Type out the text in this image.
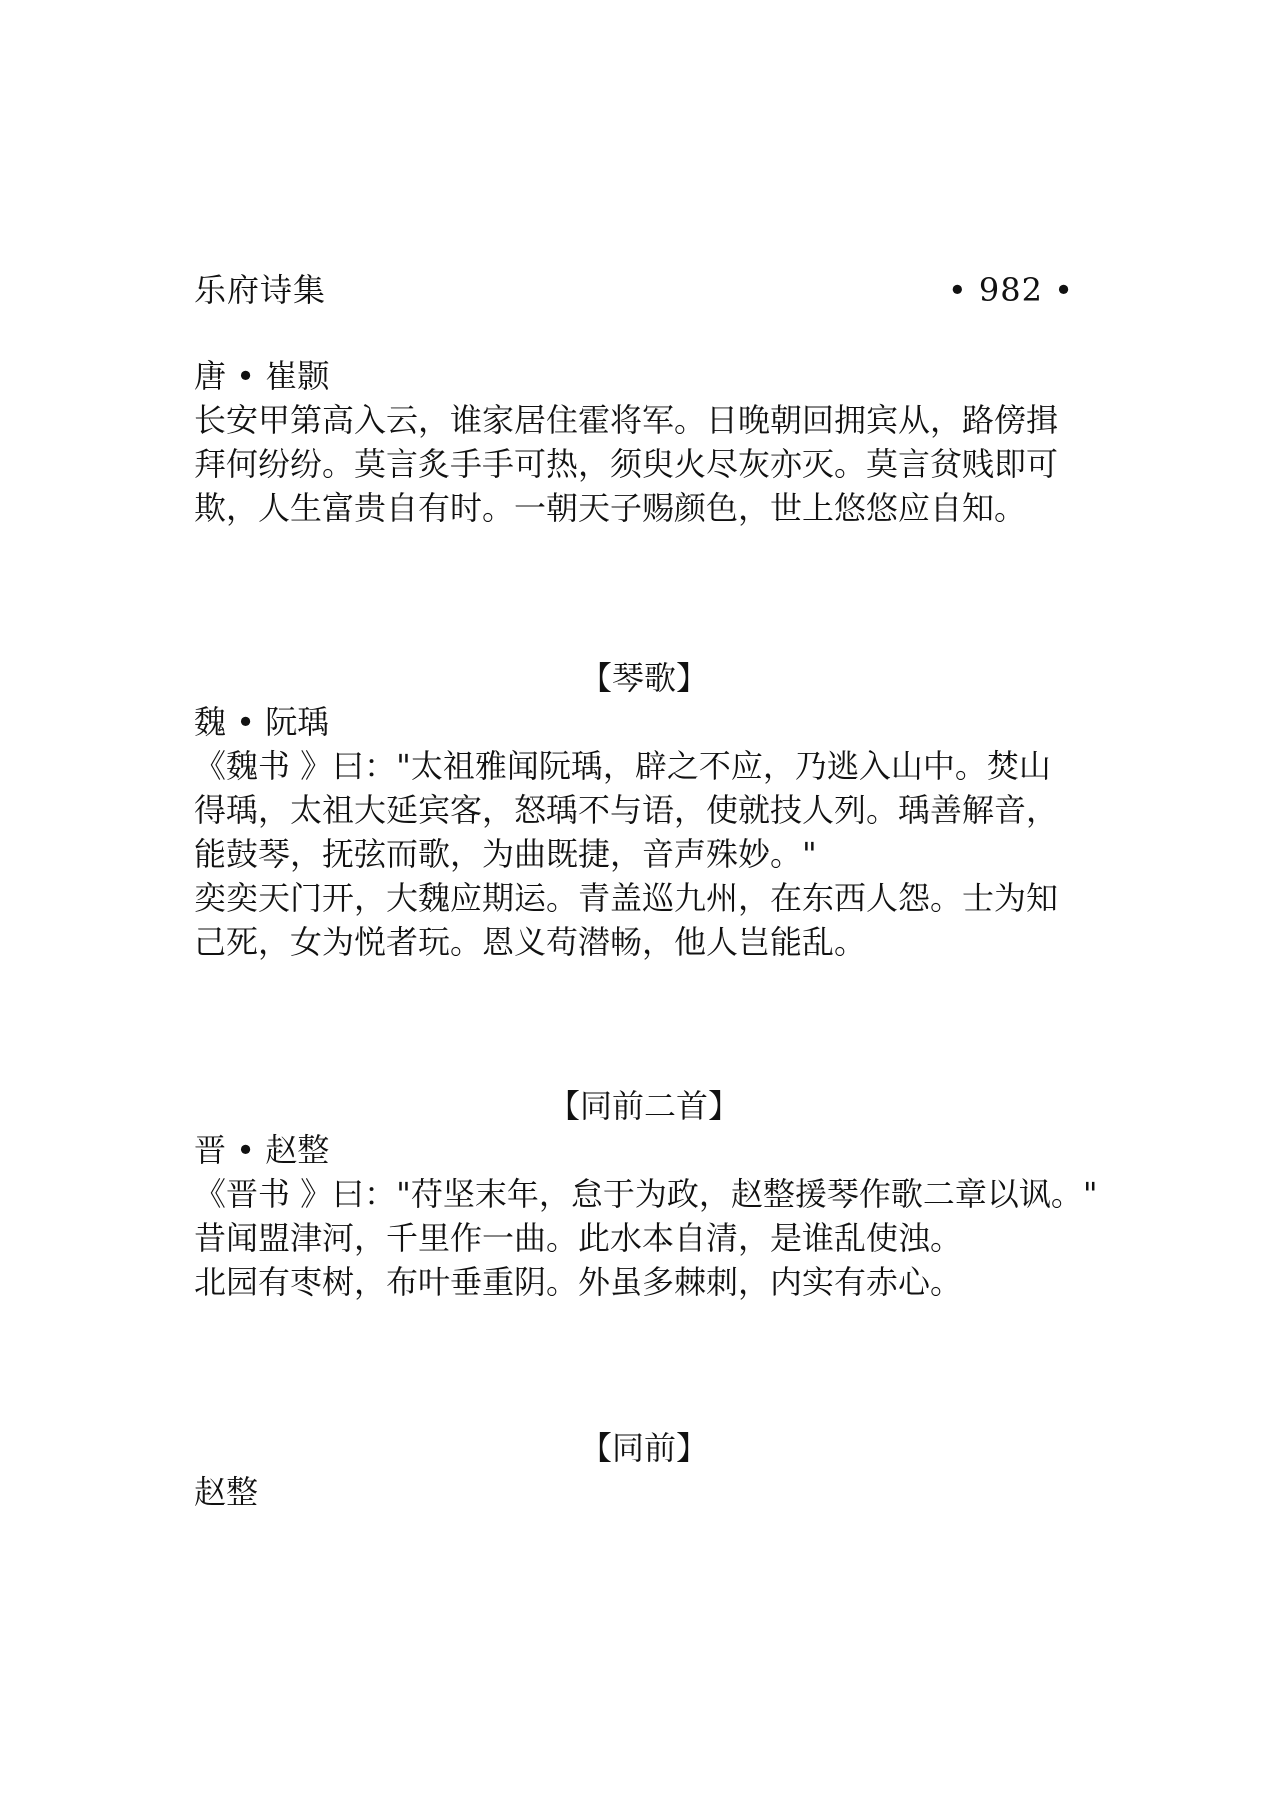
乐府诗集	• 982 •
唐 • 崔颢
长安甲第高入云，谁家居住霍将军。日晚朝回拥宾从，路傍揖
拜何纷纷。莫言炙手手可热，须臾火尽灰亦灭。莫言贫贱即可
欺，人生富贵自有时。一朝天子赐颜色，世上悠悠应自知。
【琴歌】
魏 • 阮瑀
《魏书 》曰："太祖雅闻阮瑀，辟之不应，乃逃入山中。焚山
得瑀，太祖大延宾客，怒瑀不与语，使就技人列。瑀善解音，
能鼓琴，抚弦而歌，为曲既捷，音声殊妙。"
奕奕天门开，大魏应期运。青盖巡九州，在东西人怨。士为知
己死，女为悦者玩。恩义苟潜畅，他人岂能乱。
【同前二首】
晋 • 赵整
《晋书 》曰："苻坚末年，怠于为政，赵整援琴作歌二章以讽。"
昔闻盟津河，千里作一曲。此水本自清，是谁乱使浊。
北园有枣树，布叶垂重阴。外虽多棘刺，内实有赤心。
【同前】
赵整
